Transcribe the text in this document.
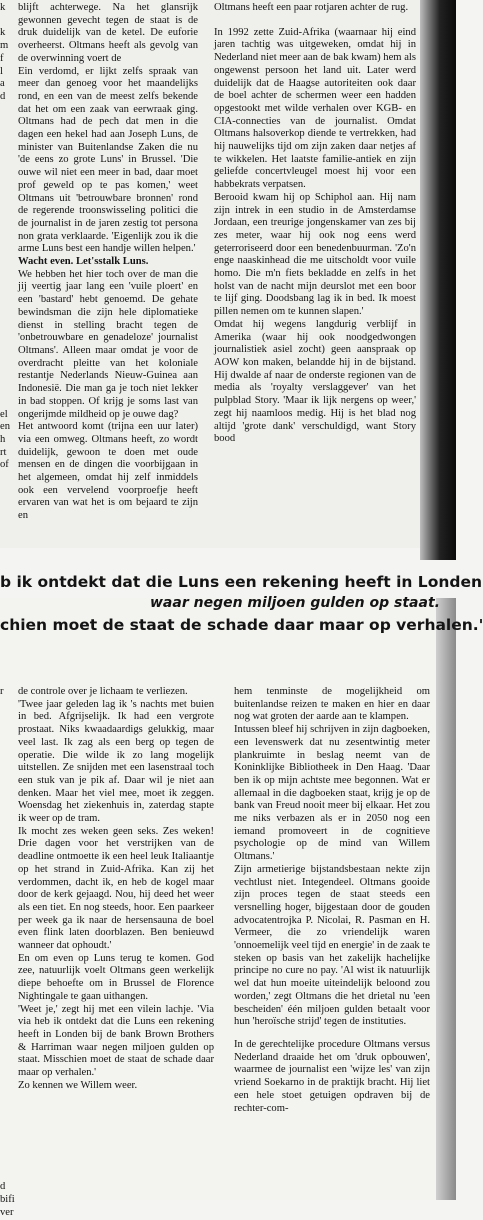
k

k
m
f
l
a
d

el
en
h
rt
of

blijft achterwege. Na het glansrijk gewonnen gevecht tegen de staat is de druk duidelijk van de ketel. De euforie overheerst. Oltmans heeft als gevolg van de overwinning voert de

Ein verdomd, er lijkt zelfs spraak van meer dan genoeg voor het maandelijks rond, en een van de meest zelfs bekende dat het om een zaak van eerwraak ging. Oltmans had de pech dat men in die dagen een hekel had aan Joseph Luns, de minister van Buitenlandse Zaken die nu 'de eens zo grote Luns' in Brussel. 'Die ouwe wil niet een meer in bad, daar moet prof geweld op te pas komen,' weet Oltmans uit 'betrouwbare bronnen' rond de regerende troonswisseling politici die de journalist in de jaren zestig tot persona non grata verklaarde. 'Eigenlijk zou ik die arme Luns best een handje willen helpen.'

Wacht even. Let'sstalk Luns.

We hebben het hier toch over de man die jij veertig jaar lang een 'vuile ploert' en een 'bastard' hebt genoemd. De gehate bewindsman die zijn hele diplomatieke dienst in stelling bracht tegen de 'onbetrouwbare en genadeloze' journalist Oltmans'. Alleen maar omdat je voor de overdracht pleitte van het koloniale restantje Nederlands Nieuw-Guinea aan Indonesië. Die man ga je toch niet lekker in bad stoppen. Of krijg je soms last van ongerijmde mildheid op je ouwe dag?

Het antwoord komt (trijna een uur later) via een omweg. Oltmans heeft, zo wordt duidelijk, gewoon te doen met oude mensen en de dingen die voorbijgaan in het algemeen, omdat hij zelf inmiddels ook een vervelend voorproefje heeft ervaren van wat het is om bejaard te zijn en

Oltmans heeft een paar rotjaren achter de rug.

In 1992 zette Zuid-Afrika (waarnaar hij eind jaren tachtig was uitgeweken, omdat hij in Nederland niet meer aan de bak kwam) hem als ongewenst persoon het land uit. Later werd duidelijk dat de Haagse autoriteiten ook daar de boel achter de schermen weer een hadden opgestookt met wilde verhalen over KGB- en CIA-connecties van de journalist. Omdat Oltmans halsoverkop diende te vertrekken, had hij nauwelijks tijd om zijn zaken daar netjes af te wikkelen. Het laatste familie-antiek en zijn geliefde concertvleugel moest hij voor een habbekrats verpatsen.

Berooid kwam hij op Schiphol aan. Hij nam zijn intrek in een studio in de Amsterdamse Jordaan, een treurige jongenskamer van zes bij zes meter, waar hij ook nog eens werd geterroriseerd door een benedenbuurman. 'Zo'n enge naaskinhead die me uitscholdt voor vuile homo. Die m'n fiets bekladde en zelfs in het holst van de nacht mijn deurslot met een boor te lijf ging. Doodsbang lag ik in bed. Ik moest pillen nemen om te kunnen slapen.'

Omdat hij wegens langdurig verblijf in Amerika (waar hij ook noodgedwongen journalistiek asiel zocht) geen aanspraak op AOW kon maken, belandde hij in de bijstand. Hij dwalde af naar de onderste regionen van de media als 'royalty verslaggever' van het pulpblad Story. 'Maar ik lijk nergens op weer,' zegt hij naamloos medig. Hij is het blad nog altijd 'grote dank' verschuldigd, want Story bood

b ik ontdekt dat die Luns een rekening heeft in Londen
waar negen miljoen gulden op staat.
chien moet de staat de schade daar maar op verhalen.'
r

d
bifi
ver

de controle over je lichaam te verliezen.

'Twee jaar geleden lag ik 's nachts met buien in bed. Afgrijselijk. Ik had een vergrote prostaat. Niks kwaadaardigs gelukkig, maar veel last. Ik zag als een berg op tegen de operatie. Die wilde ik zo lang mogelijk uitstellen. Ze snijden met een lasenstraal toch een stuk van je pik af. Daar wil je niet aan denken. Maar het viel mee, moet ik zeggen. Woensdag het ziekenhuis in, zaterdag stapte ik weer op de tram.

Ik mocht zes weken geen seks. Zes weken! Drie dagen voor het verstrijken van de deadline ontmoette ik een heel leuk Italiaantje op het strand in Zuid-Afrika. Kan zij het verdommen, dacht ik, en heb de kogel maar door de kerk gejaagd. Nou, hij deed het weer als een tiet. En nog steeds, hoor. Een paarkeer per week ga ik naar de hersensauna de boel even flink laten doorblazen. Ben benieuwd wanneer dat ophoudt.'

En om even op Luns terug te komen. God zee, natuurlijk voelt Oltmans geen werkelijk diepe behoefte om in Brussel de Florence Nightingale te gaan uithangen.

'Weet je,' zegt hij met een vilein lachje. 'Via via heb ik ontdekt dat die Luns een rekening heeft in Londen bij de bank Brown Brothers & Harriman waar negen miljoen gulden op staat. Misschien moet de staat de schade daar maar op verhalen.'

Zo kennen we Willem weer.

hem tenminste de mogelijkheid om buitenlandse reizen te maken en hier en daar nog wat groten der aarde aan te klampen.

Intussen bleef hij schrijven in zijn dagboeken, een levenswerk dat nu zesentwintig meter plankruimte in beslag neemt van de Koninklijke Bibliotheek in Den Haag. 'Daar ben ik op mijn achtste mee begonnen. Wat er allemaal in die dagboeken staat, krijg je op de bank van Freud nooit meer bij elkaar. Het zou me niks verbazen als er in 2050 nog een iemand promoveert in de cognitieve psychologie op de mind van Willem Oltmans.'

Zijn armetierige bijstandsbestaan nekte zijn vechtlust niet. Integendeel. Oltmans gooide zijn proces tegen de staat steeds een versnelling hoger, bijgestaan door de gouden advocatentrojka P. Nicolai, R. Pasman en H. Vermeer, die zo vriendelijk waren 'onnoemelijk veel tijd en energie' in de zaak te steken op basis van het zakelijk hachelijke principe no cure no pay. 'Al wist ik natuurlijk wel dat hun moeite uiteindelijk beloond zou worden,' zegt Oltmans die het drietal nu 'een bescheiden' één miljoen gulden betaalt voor hun 'heroïsche strijd' tegen de instituties.

In de gerechtelijke procedure Oltmans versus Nederland draaide het om 'druk opbouwen', waarmee de journalist een 'wijze les' van zijn vriend Soekarno in de praktijk bracht. Hij liet een hele stoet getuigen opdraven bij de rechter-com-
